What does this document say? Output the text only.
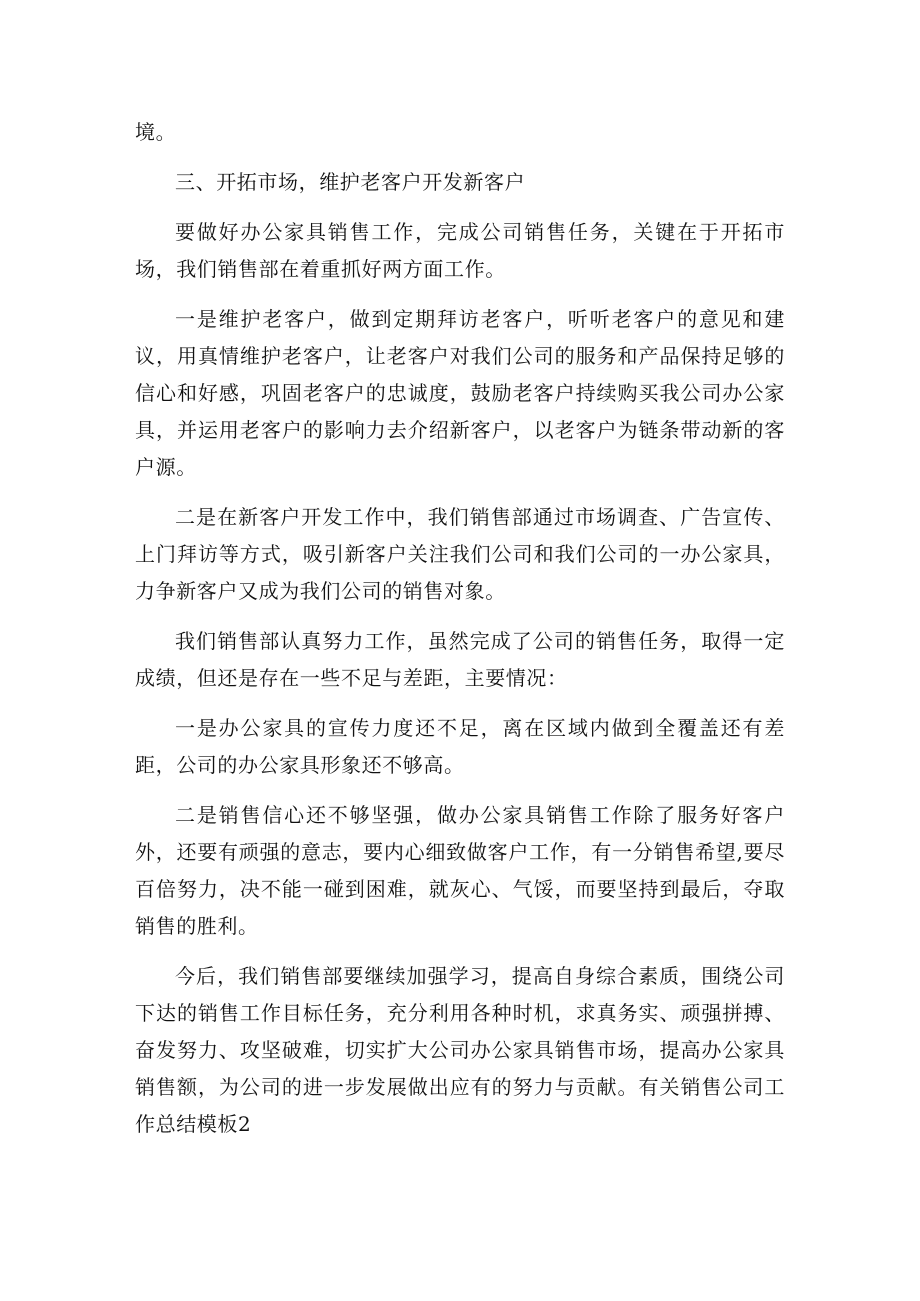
境。

三、开拓市场，维护老客户开发新客户

要做好办公家具销售工作，完成公司销售任务，关键在于开拓市场，我们销售部在着重抓好两方面工作。

一是维护老客户，做到定期拜访老客户，听听老客户的意见和建议，用真情维护老客户，让老客户对我们公司的服务和产品保持足够的信心和好感，巩固老客户的忠诚度，鼓励老客户持续购买我公司办公家具，并运用老客户的影响力去介绍新客户，以老客户为链条带动新的客户源。

二是在新客户开发工作中，我们销售部通过市场调查、广告宣传、上门拜访等方式，吸引新客户关注我们公司和我们公司的一办公家具，力争新客户又成为我们公司的销售对象。

我们销售部认真努力工作，虽然完成了公司的销售任务，取得一定成绩，但还是存在一些不足与差距，主要情况：

一是办公家具的宣传力度还不足，离在区域内做到全覆盖还有差距，公司的办公家具形象还不够高。

二是销售信心还不够坚强，做办公家具销售工作除了服务好客户外，还要有顽强的意志，要内心细致做客户工作，有一分销售希望,要尽百倍努力，决不能一碰到困难，就灰心、气馁，而要坚持到最后，夺取销售的胜利。

今后，我们销售部要继续加强学习，提高自身综合素质，围绕公司下达的销售工作目标任务，充分利用各种时机，求真务实、顽强拼搏、奋发努力、攻坚破难，切实扩大公司办公家具销售市场，提高办公家具销售额，为公司的进一步发展做出应有的努力与贡献。有关销售公司工作总结模板2
